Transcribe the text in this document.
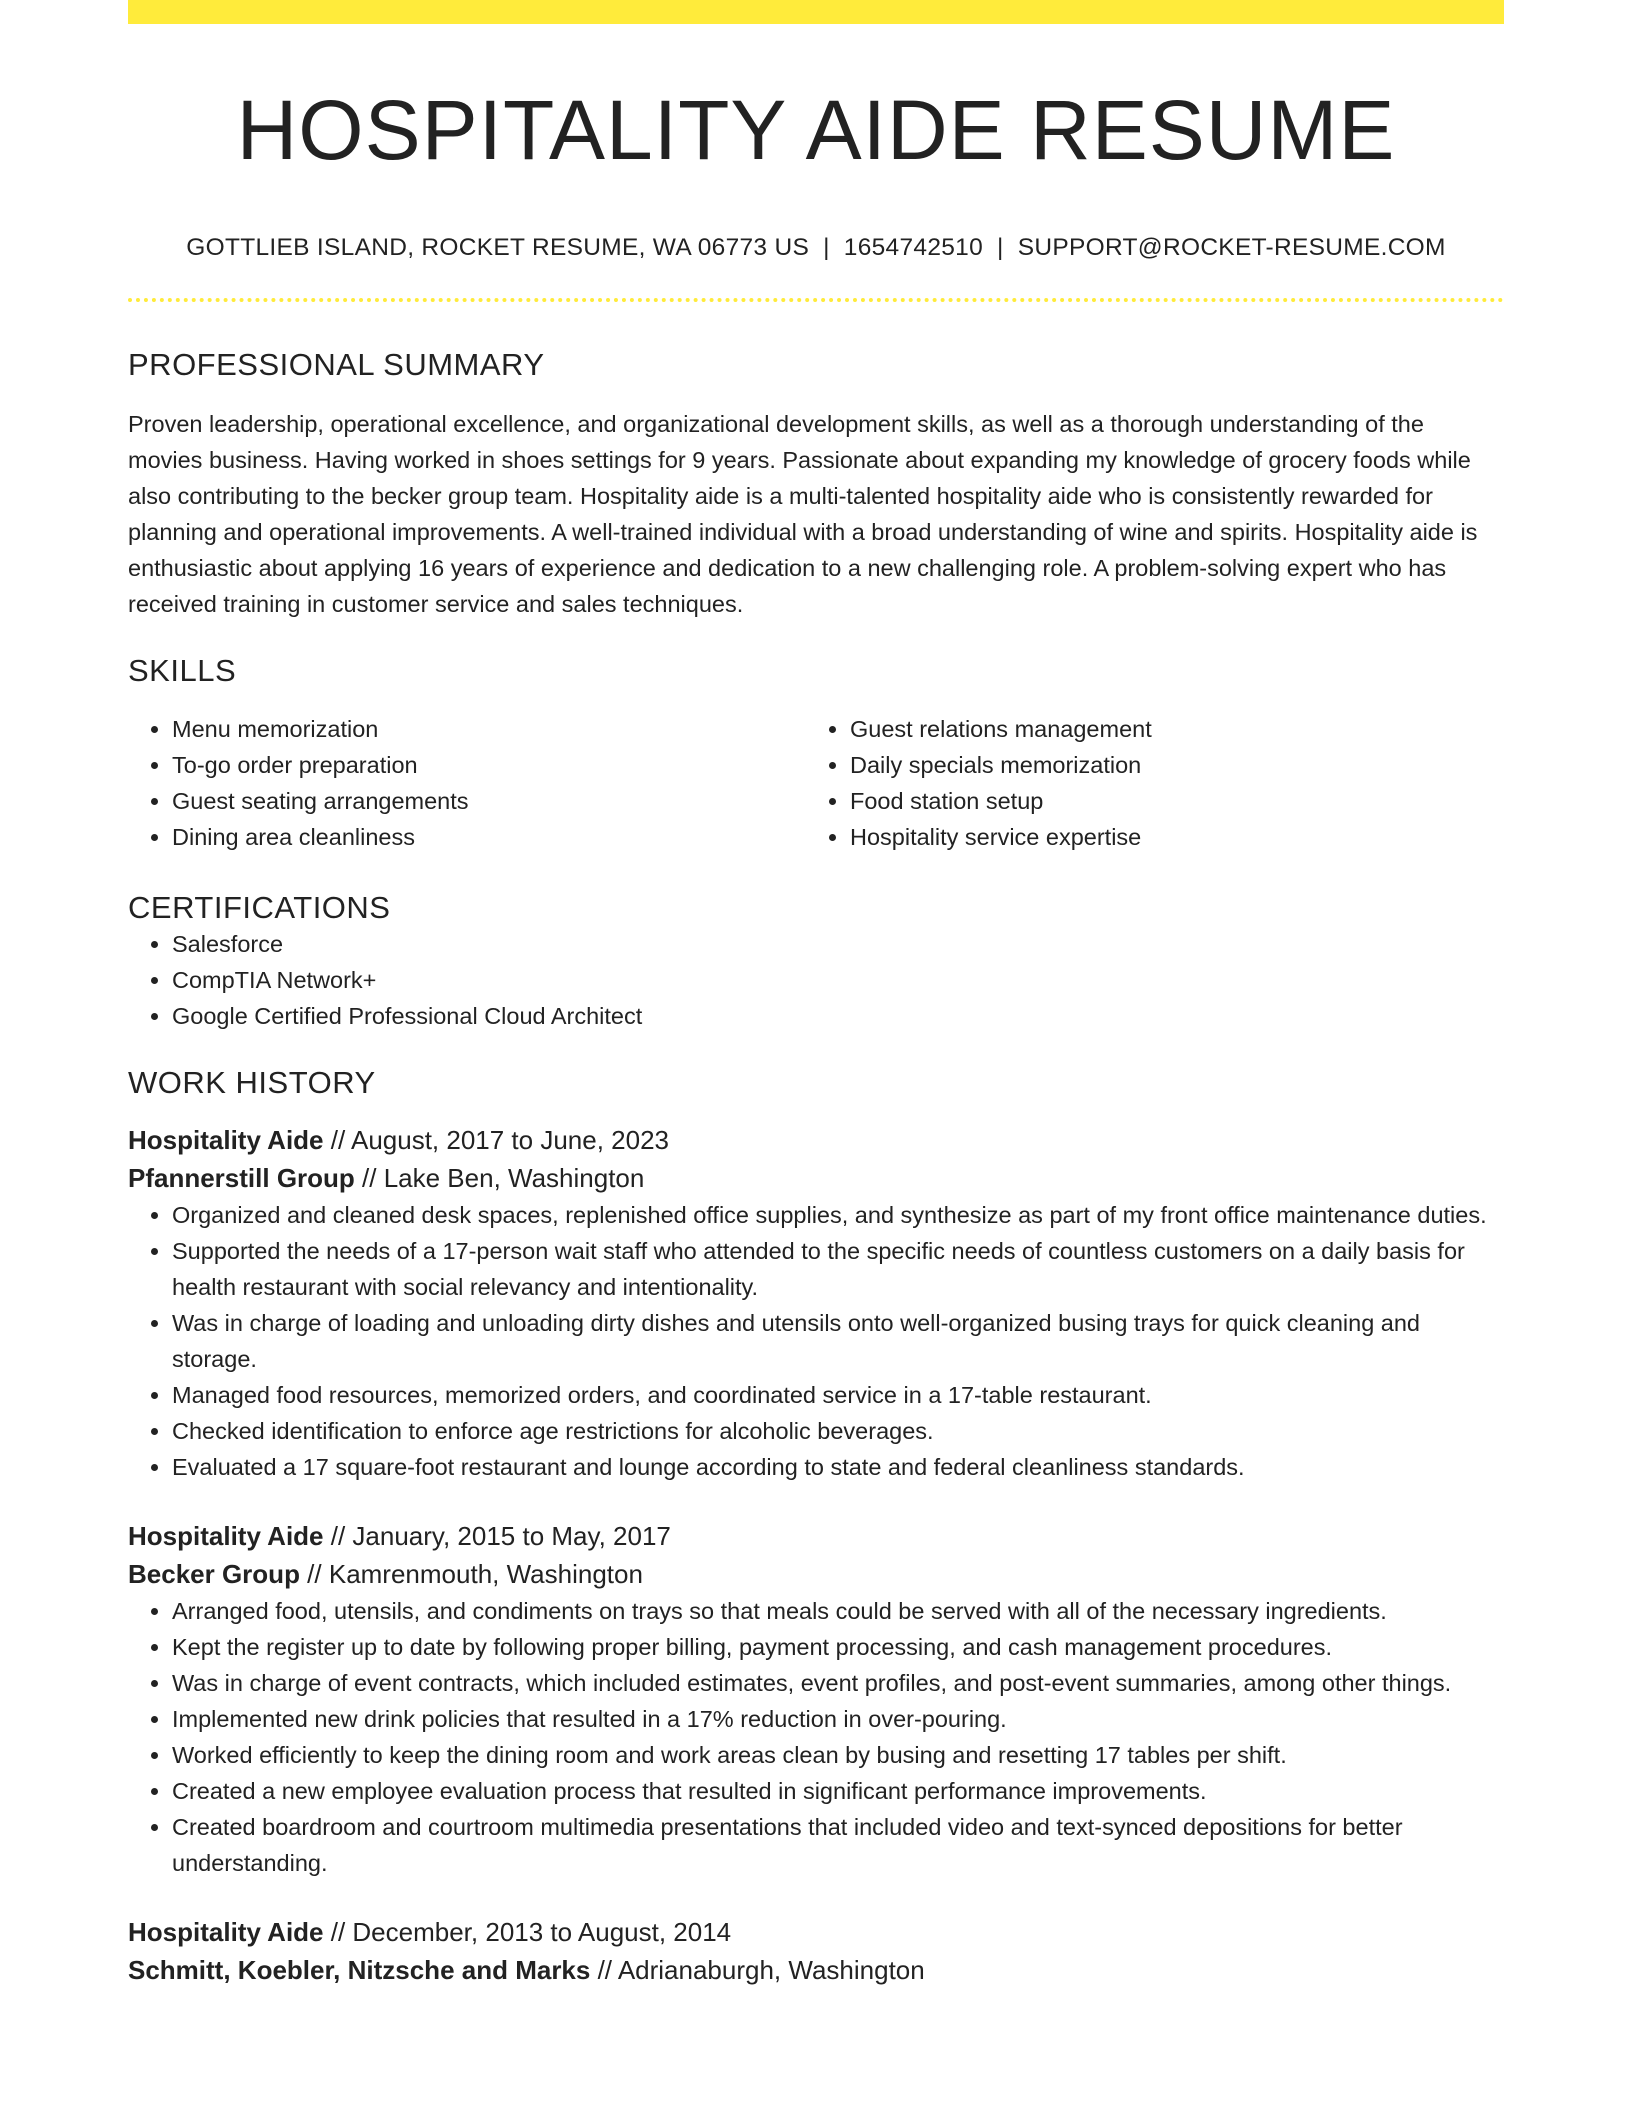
HOSPITALITY AIDE RESUME
GOTTLIEB ISLAND, ROCKET RESUME, WA 06773 US | 1654742510 | SUPPORT@ROCKET-RESUME.COM
PROFESSIONAL SUMMARY
Proven leadership, operational excellence, and organizational development skills, as well as a thorough understanding of the movies business. Having worked in shoes settings for 9 years. Passionate about expanding my knowledge of grocery foods while also contributing to the becker group team. Hospitality aide is a multi-talented hospitality aide who is consistently rewarded for planning and operational improvements. A well-trained individual with a broad understanding of wine and spirits. Hospitality aide is enthusiastic about applying 16 years of experience and dedication to a new challenging role. A problem-solving expert who has received training in customer service and sales techniques.
SKILLS
• Menu memorization
• To-go order preparation
• Guest seating arrangements
• Dining area cleanliness
• Guest relations management
• Daily specials memorization
• Food station setup
• Hospitality service expertise
CERTIFICATIONS
• Salesforce
• CompTIA Network+
• Google Certified Professional Cloud Architect
WORK HISTORY
Hospitality Aide // August, 2017 to June, 2023
Pfannerstill Group // Lake Ben, Washington
• Organized and cleaned desk spaces, replenished office supplies, and synthesize as part of my front office maintenance duties.
• Supported the needs of a 17-person wait staff who attended to the specific needs of countless customers on a daily basis for health restaurant with social relevancy and intentionality.
• Was in charge of loading and unloading dirty dishes and utensils onto well-organized busing trays for quick cleaning and storage.
• Managed food resources, memorized orders, and coordinated service in a 17-table restaurant.
• Checked identification to enforce age restrictions for alcoholic beverages.
• Evaluated a 17 square-foot restaurant and lounge according to state and federal cleanliness standards.
Hospitality Aide // January, 2015 to May, 2017
Becker Group // Kamrenmouth, Washington
• Arranged food, utensils, and condiments on trays so that meals could be served with all of the necessary ingredients.
• Kept the register up to date by following proper billing, payment processing, and cash management procedures.
• Was in charge of event contracts, which included estimates, event profiles, and post-event summaries, among other things.
• Implemented new drink policies that resulted in a 17% reduction in over-pouring.
• Worked efficiently to keep the dining room and work areas clean by busing and resetting 17 tables per shift.
• Created a new employee evaluation process that resulted in significant performance improvements.
• Created boardroom and courtroom multimedia presentations that included video and text-synced depositions for better understanding.
Hospitality Aide // December, 2013 to August, 2014
Schmitt, Koebler, Nitzsche and Marks // Adrianaburgh, Washington
